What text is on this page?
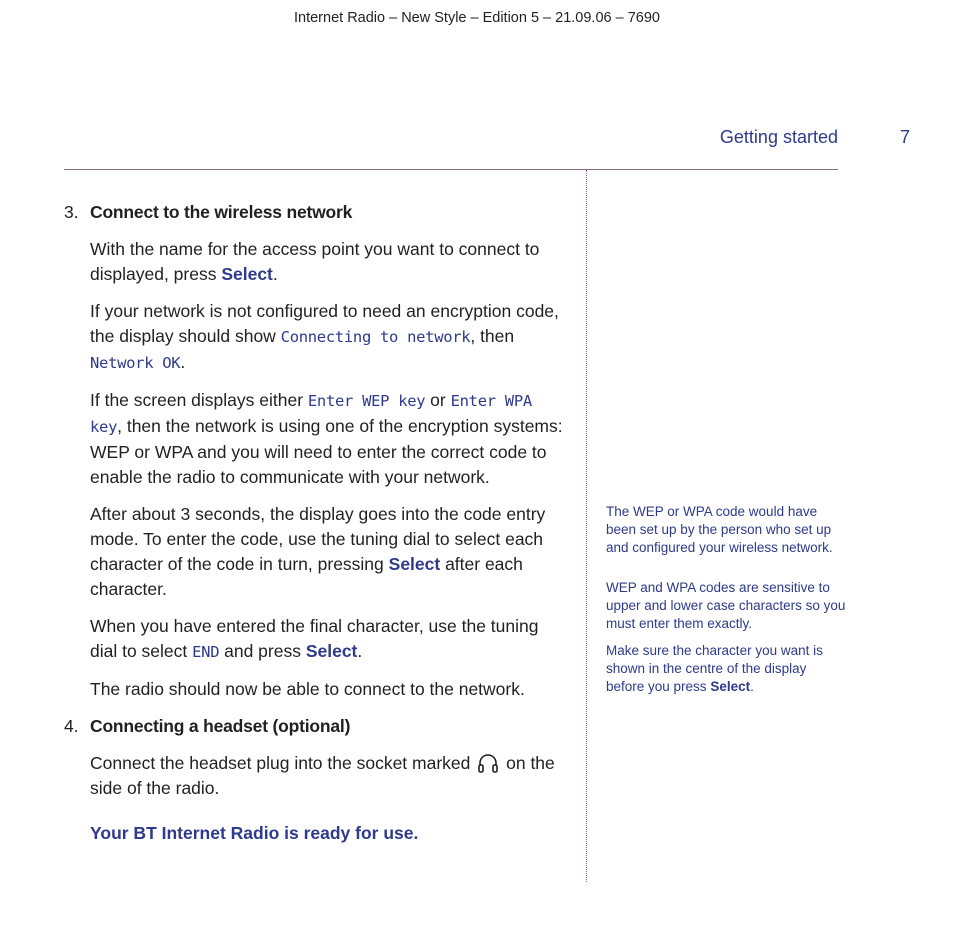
Internet Radio – New Style – Edition 5 – 21.09.06 – 7690
Getting started	7
3. Connect to the wireless network

With the name for the access point you want to connect to displayed, press Select.

If your network is not configured to need an encryption code, the display should show Connecting to network, then Network OK.

If the screen displays either Enter WEP key or Enter WPA key, then the network is using one of the encryption systems: WEP or WPA and you will need to enter the correct code to enable the radio to communicate with your network.

After about 3 seconds, the display goes into the code entry mode. To enter the code, use the tuning dial to select each character of the code in turn, pressing Select after each character.

When you have entered the final character, use the tuning dial to select END and press Select.

The radio should now be able to connect to the network.

4. Connecting a headset (optional)

Connect the headset plug into the socket marked  on the side of the radio.

Your BT Internet Radio is ready for use.
The WEP or WPA code would have been set up by the person who set up and configured your wireless network.
WEP and WPA codes are sensitive to upper and lower case characters so you must enter them exactly.
Make sure the character you want is shown in the centre of the display before you press Select.
